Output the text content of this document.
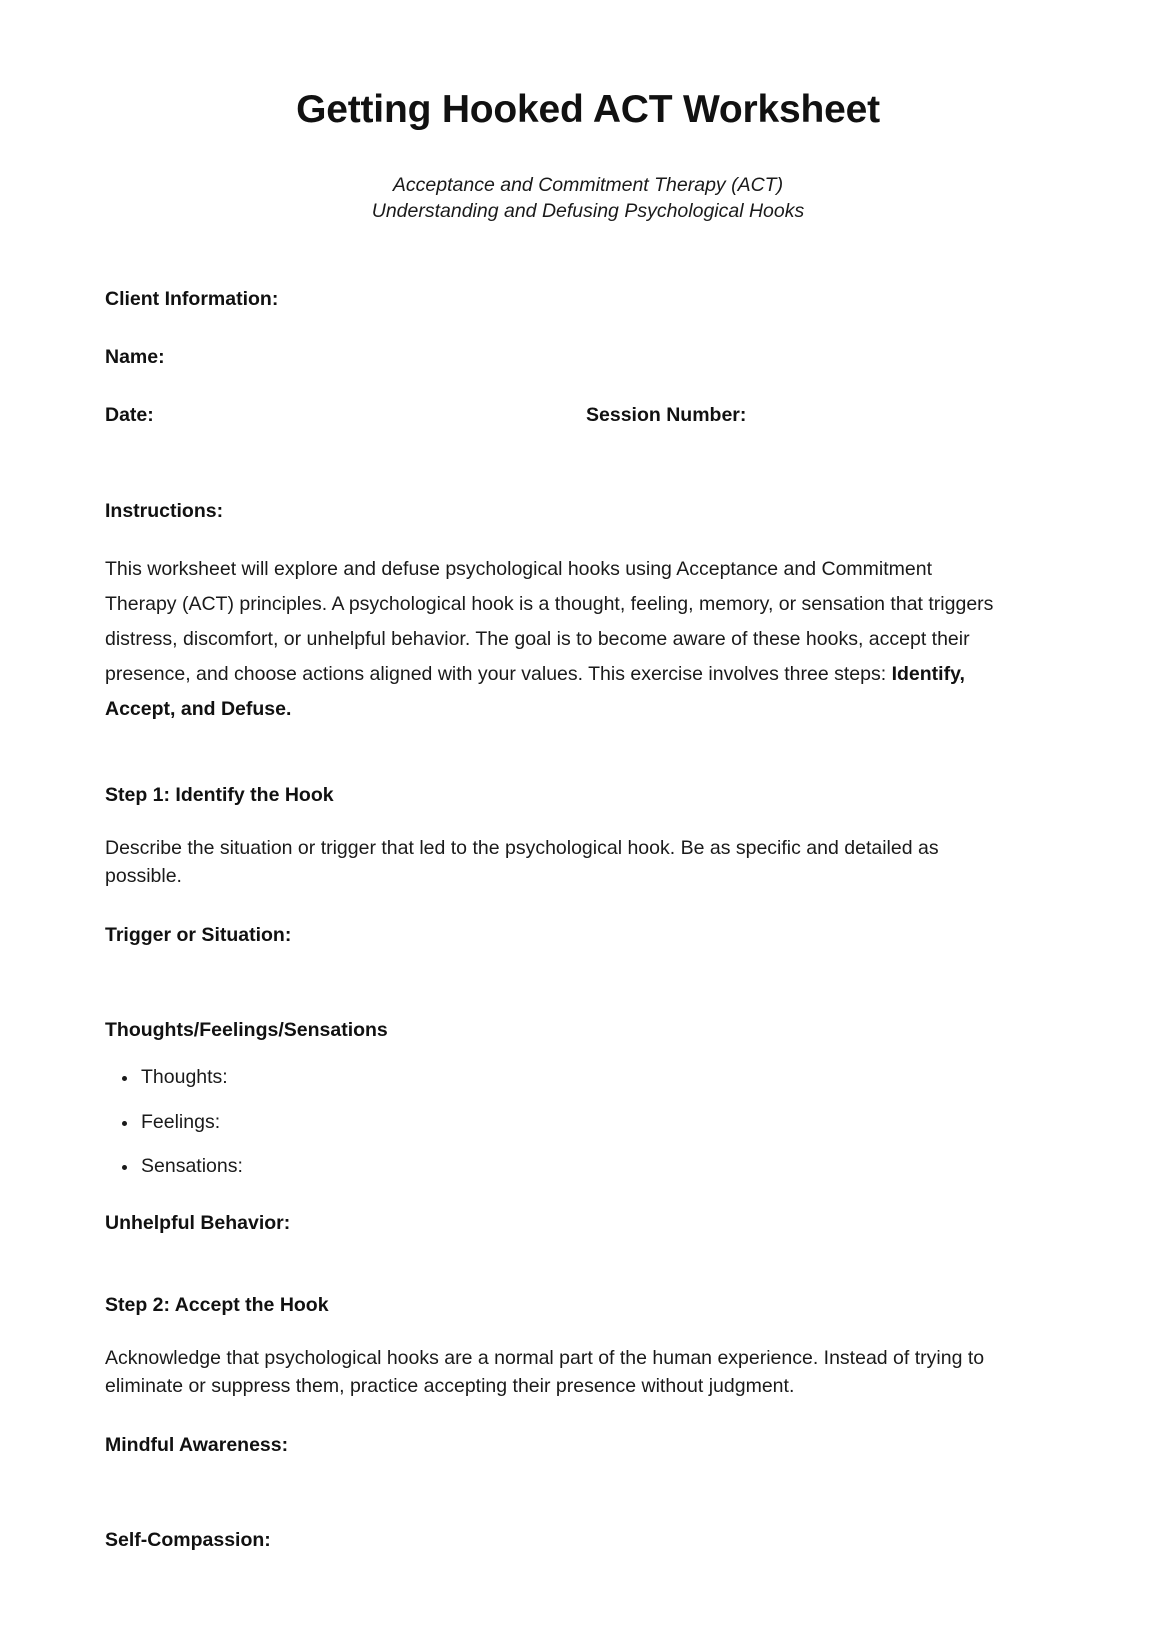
Getting Hooked ACT Worksheet
Acceptance and Commitment Therapy (ACT)
Understanding and Defusing Psychological Hooks
Client Information:
Name:
Date:	Session Number:
Instructions:

This worksheet will explore and defuse psychological hooks using Acceptance and Commitment Therapy (ACT) principles. A psychological hook is a thought, feeling, memory, or sensation that triggers distress, discomfort, or unhelpful behavior. The goal is to become aware of these hooks, accept their presence, and choose actions aligned with your values. This exercise involves three steps: Identify, Accept, and Defuse.

Step 1: Identify the Hook

Describe the situation or trigger that led to the psychological hook. Be as specific and detailed as possible.

Trigger or Situation:
Thoughts/Feelings/Sensations
Thoughts:
Feelings:
Sensations:
Unhelpful Behavior:
Step 2: Accept the Hook

Acknowledge that psychological hooks are a normal part of the human experience. Instead of trying to eliminate or suppress them, practice accepting their presence without judgment.

Mindful Awareness:
Self-Compassion:
